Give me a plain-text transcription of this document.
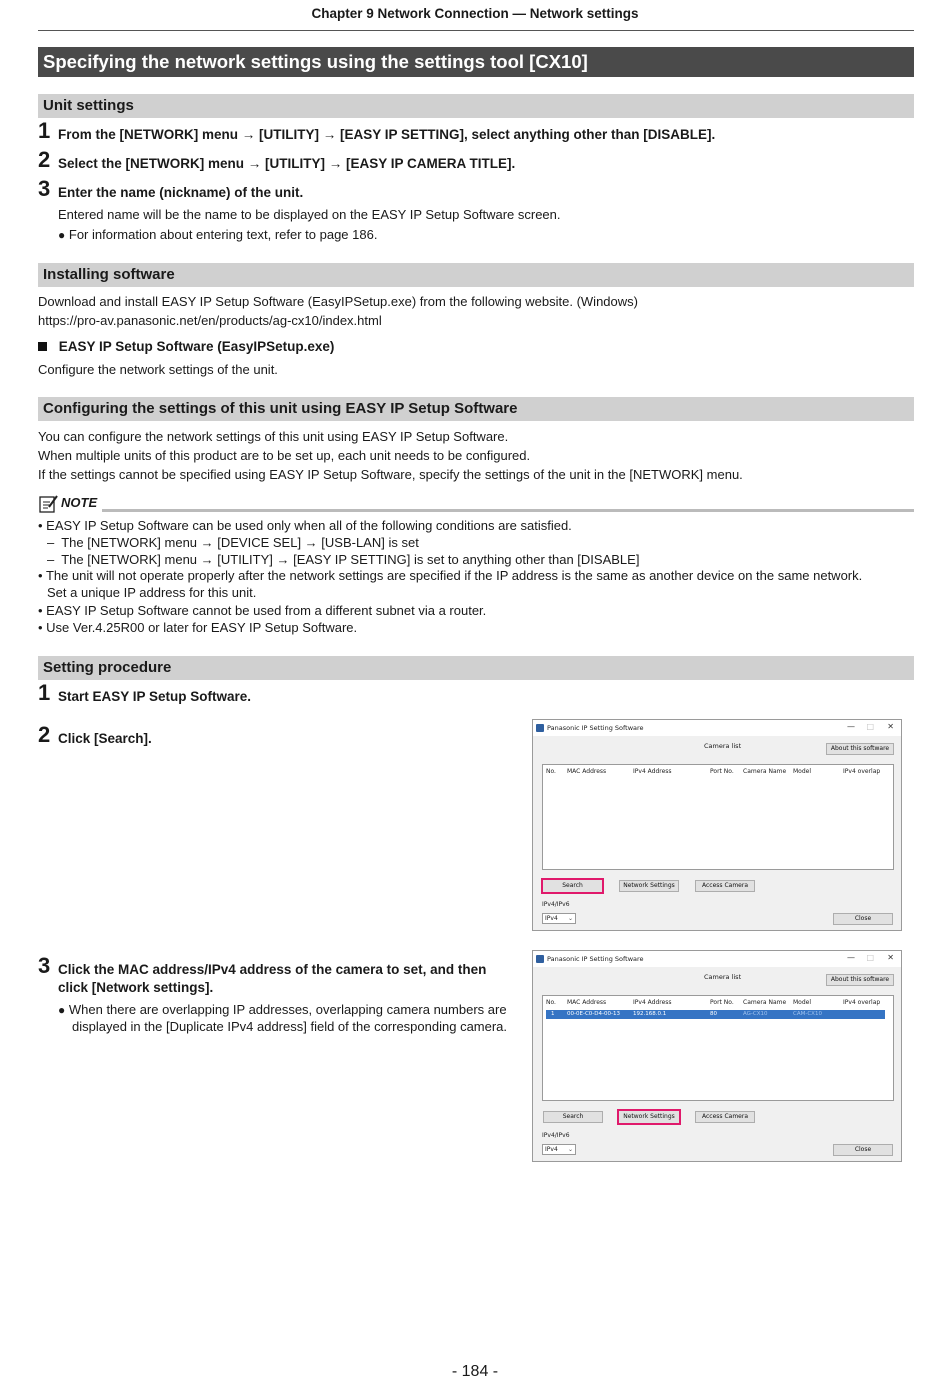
Chapter 9 Network Connection — Network settings
Specifying the network settings using the settings tool [CX10]
Unit settings
1 From the [NETWORK] menu → [UTILITY] → [EASY IP SETTING], select anything other than [DISABLE].
2 Select the [NETWORK] menu → [UTILITY] → [EASY IP CAMERA TITLE].
3 Enter the name (nickname) of the unit.
Entered name will be the name to be displayed on the EASY IP Setup Software screen.
● For information about entering text, refer to page 186.
Installing software
Download and install EASY IP Setup Software (EasyIPSetup.exe) from the following website. (Windows)
https://pro-av.panasonic.net/en/products/ag-cx10/index.html
EASY IP Setup Software (EasyIPSetup.exe)
Configure the network settings of the unit.
Configuring the settings of this unit using EASY IP Setup Software
You can configure the network settings of this unit using EASY IP Setup Software.
When multiple units of this product are to be set up, each unit needs to be configured.
If the settings cannot be specified using EASY IP Setup Software, specify the settings of the unit in the [NETWORK] menu.
NOTE
• EASY IP Setup Software can be used only when all of the following conditions are satisfied.
–  The [NETWORK] menu → [DEVICE SEL] → [USB-LAN] is set
–  The [NETWORK] menu → [UTILITY] → [EASY IP SETTING] is set to anything other than [DISABLE]
• The unit will not operate properly after the network settings are specified if the IP address is the same as another device on the same network.
Set a unique IP address for this unit.
• EASY IP Setup Software cannot be used from a different subnet via a router.
• Use Ver.4.25R00 or later for EASY IP Setup Software.
Setting procedure
1 Start EASY IP Setup Software.
2 Click [Search].
3 Click the MAC address/IPv4 address of the camera to set, and then
click [Network settings].
● When there are overlapping IP addresses, overlapping camera numbers are
displayed in the [Duplicate IPv4 address] field of the corresponding camera.
Panasonic IP Setting Software	— □ ✕
Camera list	About this software
No. MAC Address	IPv4 Address	Port No. Camera Name Model	IPv4 overlap
Search	Network Settings	Access Camera
IPv4/IPv6
IPv4 ⌄	Close
Panasonic IP Setting Software	— □ ✕
Camera list	About this software
No. MAC Address	IPv4 Address	Port No. Camera Name Model	IPv4 overlap
1 00-0E-C0-D4-00-13 192.168.0.1	80	AG-CX10	CAM-CX10
Search	Network Settings	Access Camera
IPv4/IPv6
IPv4 ⌄	Close
- 184 -
